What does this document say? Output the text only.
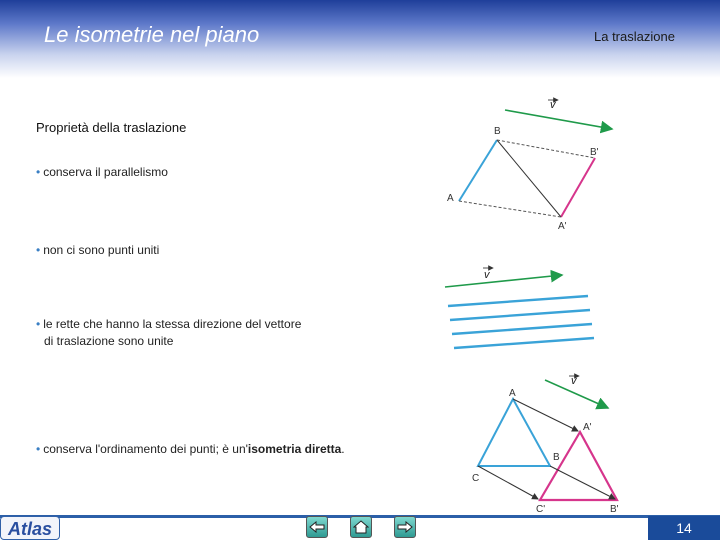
Le isometrie nel piano	La traslazione
Proprietà della traslazione
• conserva il parallelismo
• non ci sono punti uniti
• le rette che hanno la stessa direzione del vettore
di traslazione sono unite
• conserva l'ordinamento dei punti; è un'isometria diretta.
v
B
B'
A
A'
v
v
A
A'
B
C
C'	B'
Atlas	14
